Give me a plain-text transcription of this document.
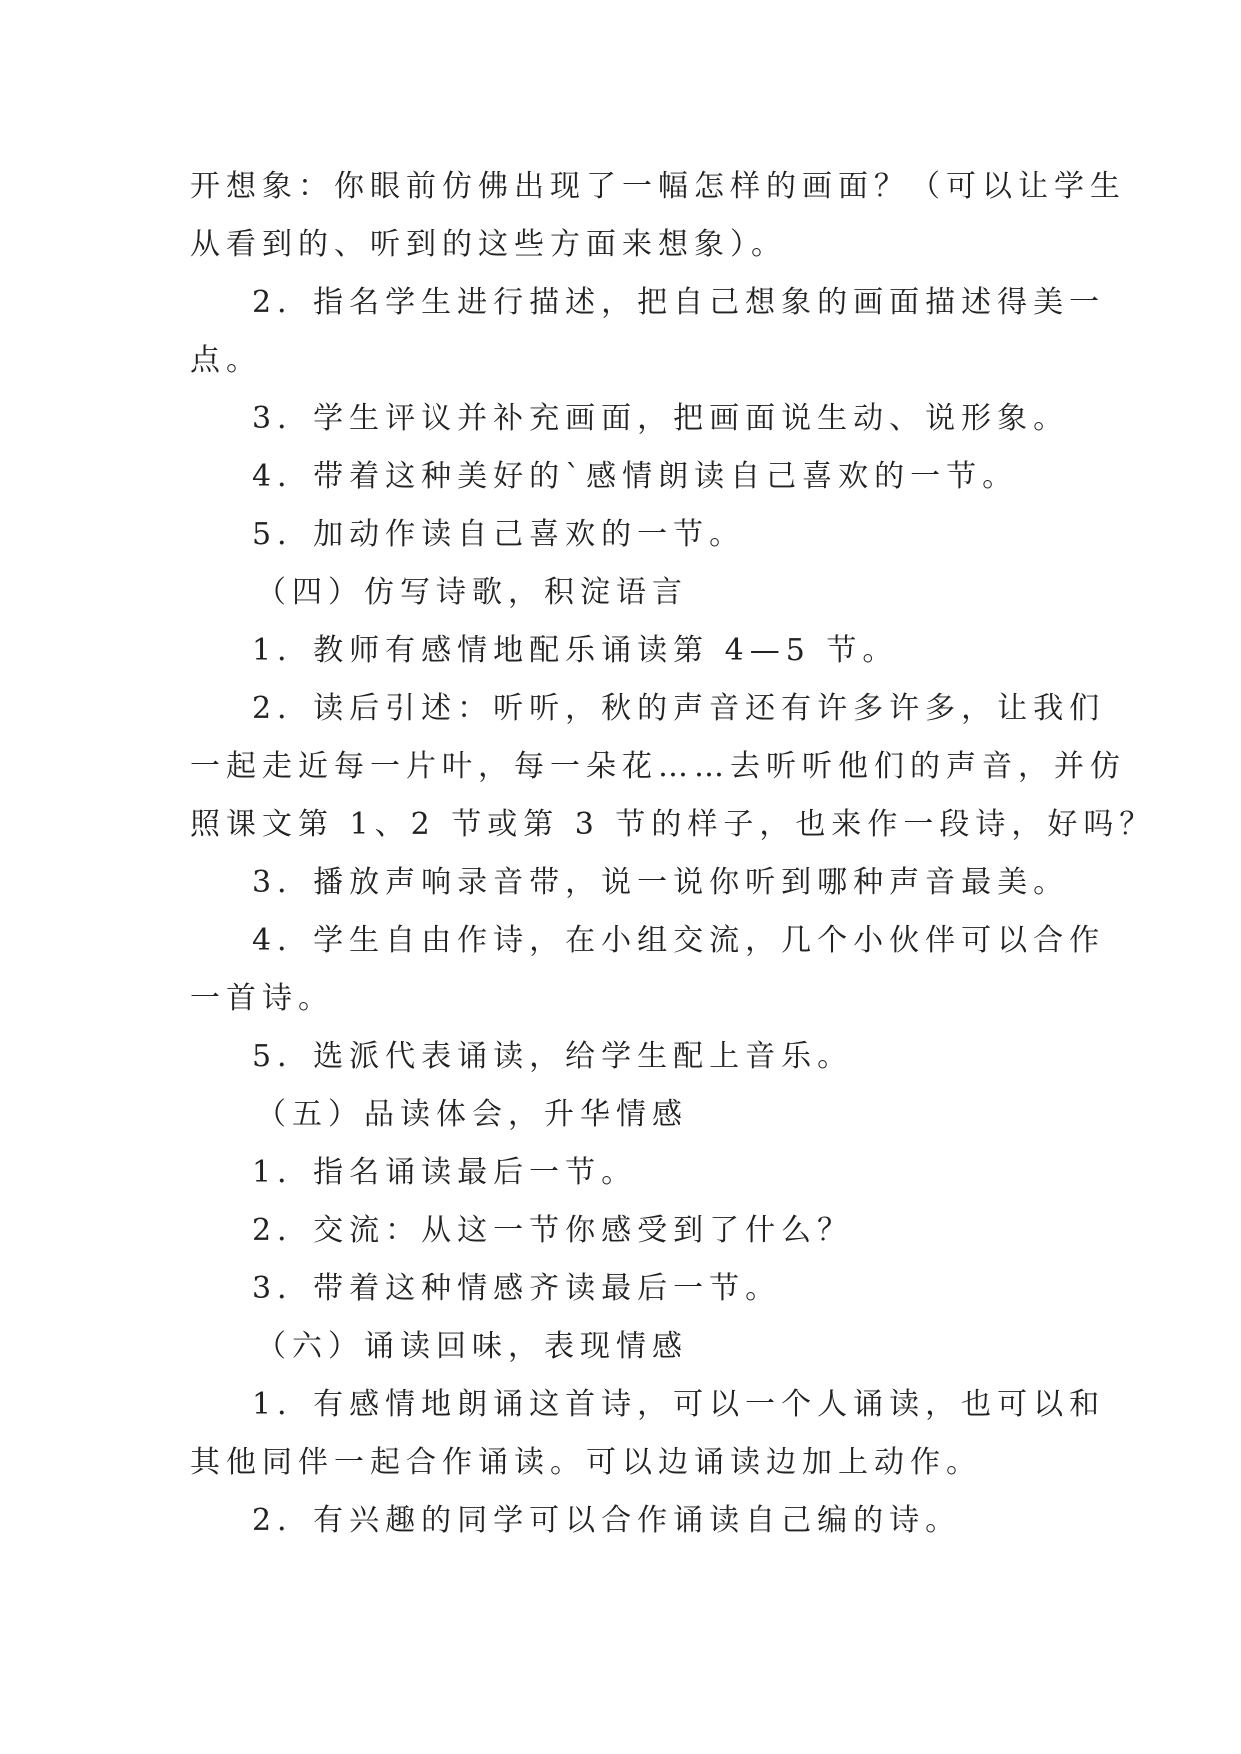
开想象：你眼前仿佛出现了一幅怎样的画面？（可以让学生
从看到的、听到的这些方面来想象）。
2．指名学生进行描述，把自己想象的画面描述得美一
点。
3．学生评议并补充画面，把画面说生动、说形象。
4．带着这种美好的`感情朗读自己喜欢的一节。
5．加动作读自己喜欢的一节。
（四）仿写诗歌，积淀语言
1．教师有感情地配乐诵读第 4—5 节。
2．读后引述：听听，秋的声音还有许多许多，让我们
一起走近每一片叶，每一朵花……去听听他们的声音，并仿
照课文第 1、2 节或第 3 节的样子，也来作一段诗，好吗？
3．播放声响录音带，说一说你听到哪种声音最美。
4．学生自由作诗，在小组交流，几个小伙伴可以合作
一首诗。
5．选派代表诵读，给学生配上音乐。
（五）品读体会，升华情感
1．指名诵读最后一节。
2．交流：从这一节你感受到了什么？
3．带着这种情感齐读最后一节。
（六）诵读回味，表现情感
1．有感情地朗诵这首诗，可以一个人诵读，也可以和
其他同伴一起合作诵读。可以边诵读边加上动作。
2．有兴趣的同学可以合作诵读自己编的诗。
